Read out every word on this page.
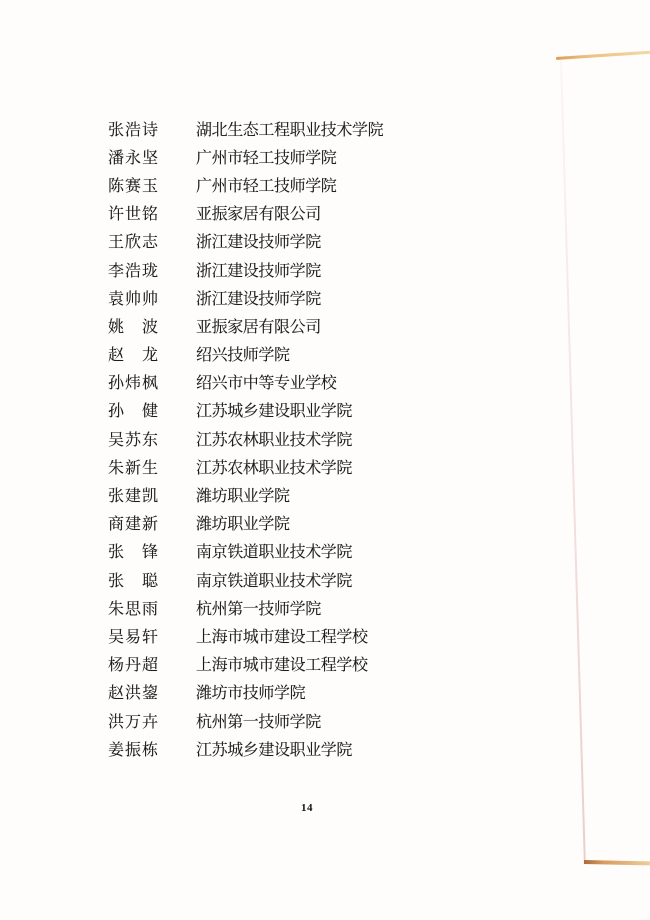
张浩诗	湖北生态工程职业技术学院
潘永坚	广州市轻工技师学院
陈赛玉	广州市轻工技师学院
许世铭	亚振家居有限公司
王欣志	浙江建设技师学院
李浩珑	浙江建设技师学院
袁帅帅	浙江建设技师学院
姚　波	亚振家居有限公司
赵　龙	绍兴技师学院
孙炜枫	绍兴市中等专业学校
孙　健	江苏城乡建设职业学院
吴苏东	江苏农林职业技术学院
朱新生	江苏农林职业技术学院
张建凯	潍坊职业学院
商建新	潍坊职业学院
张　锋	南京铁道职业技术学院
张　聪	南京铁道职业技术学院
朱思雨	杭州第一技师学院
吴易轩	上海市城市建设工程学校
杨丹超	上海市城市建设工程学校
赵洪鋆	潍坊市技师学院
洪万卉	杭州第一技师学院
姜振栋	江苏城乡建设职业学院
14
